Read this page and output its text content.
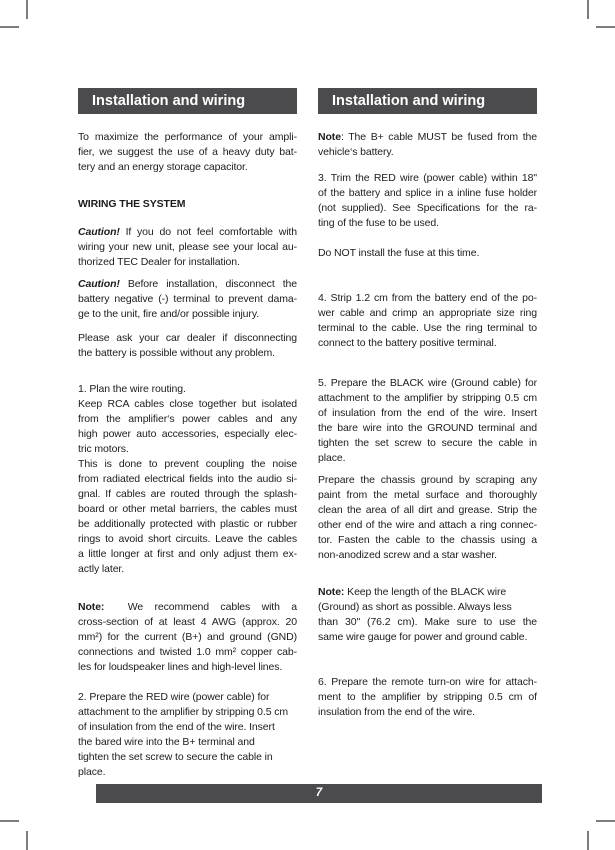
Installation and wiring
To maximize the performance of your ampli-
fier, we suggest the use of a heavy duty bat-
tery and an energy storage capacitor.
WIRING THE SYSTEM
Caution! If you do not feel comfortable with
wiring your new unit, please see your local au-
thorized TEC Dealer for installation.
Caution! Before installation, disconnect the
battery negative (-) terminal to prevent dama-
ge to the unit, fire and/or possible injury.
Please ask your car dealer if disconnecting
the battery is possible without any problem.
1. Plan the wire routing.
Keep RCA cables close together but isolated
from the amplifier‘s power cables and any
high power auto accessories, especially elec-
tric motors.
This is done to prevent coupling the noise
from radiated electrical fields into the audio si-
gnal. If cables are routed through the splash-
board or other metal barriers, the cables must
be additionally protected with plastic or rubber
rings to avoid short circuits. Leave the cables
a little longer at first and only adjust them ex-
actly later.
Note: We recommend cables with a
cross-section of at least 4 AWG (approx. 20
mm²) for the current (B+) and ground (GND)
connections and twisted 1.0 mm² copper cab-
les for loudspeaker lines and high-level lines.
2. Prepare the RED wire (power cable) for
attachment to the amplifier by stripping 0.5 cm
of insulation from the end of the wire. Insert
the bared wire into the B+ terminal and
tighten the set screw to secure the cable in
place.
Installation and wiring
Note: The B+ cable MUST be fused from the
vehicle‘s battery.
3. Trim the RED wire (power cable) within 18"
of the battery and splice in a inline fuse holder
(not supplied). See Specifications for the ra-
ting of the fuse to be used.
Do NOT install the fuse at this time.
4. Strip 1.2 cm from the battery end of the po-
wer cable and crimp an appropriate size ring
terminal to the cable. Use the ring terminal to
connect to the battery positive terminal.
5. Prepare the BLACK wire (Ground cable) for
attachment to the amplifier by stripping 0.5 cm
of insulation from the end of the wire. Insert
the bare wire into the GROUND terminal and
tighten the set screw to secure the cable in
place.
Prepare the chassis ground by scraping any
paint from the metal surface and thoroughly
clean the area of all dirt and grease. Strip the
other end of the wire and attach a ring connec-
tor. Fasten the cable to the chassis using a
non-anodized screw and a star washer.
Note: Keep the length of the BLACK wire
(Ground) as short as possible. Always less
than 30" (76.2 cm). Make sure to use the
same wire gauge for power and ground cable.
6. Prepare the remote turn-on wire for attach-
ment to the amplifier by stripping 0.5 cm of
insulation from the end of the wire.
7
